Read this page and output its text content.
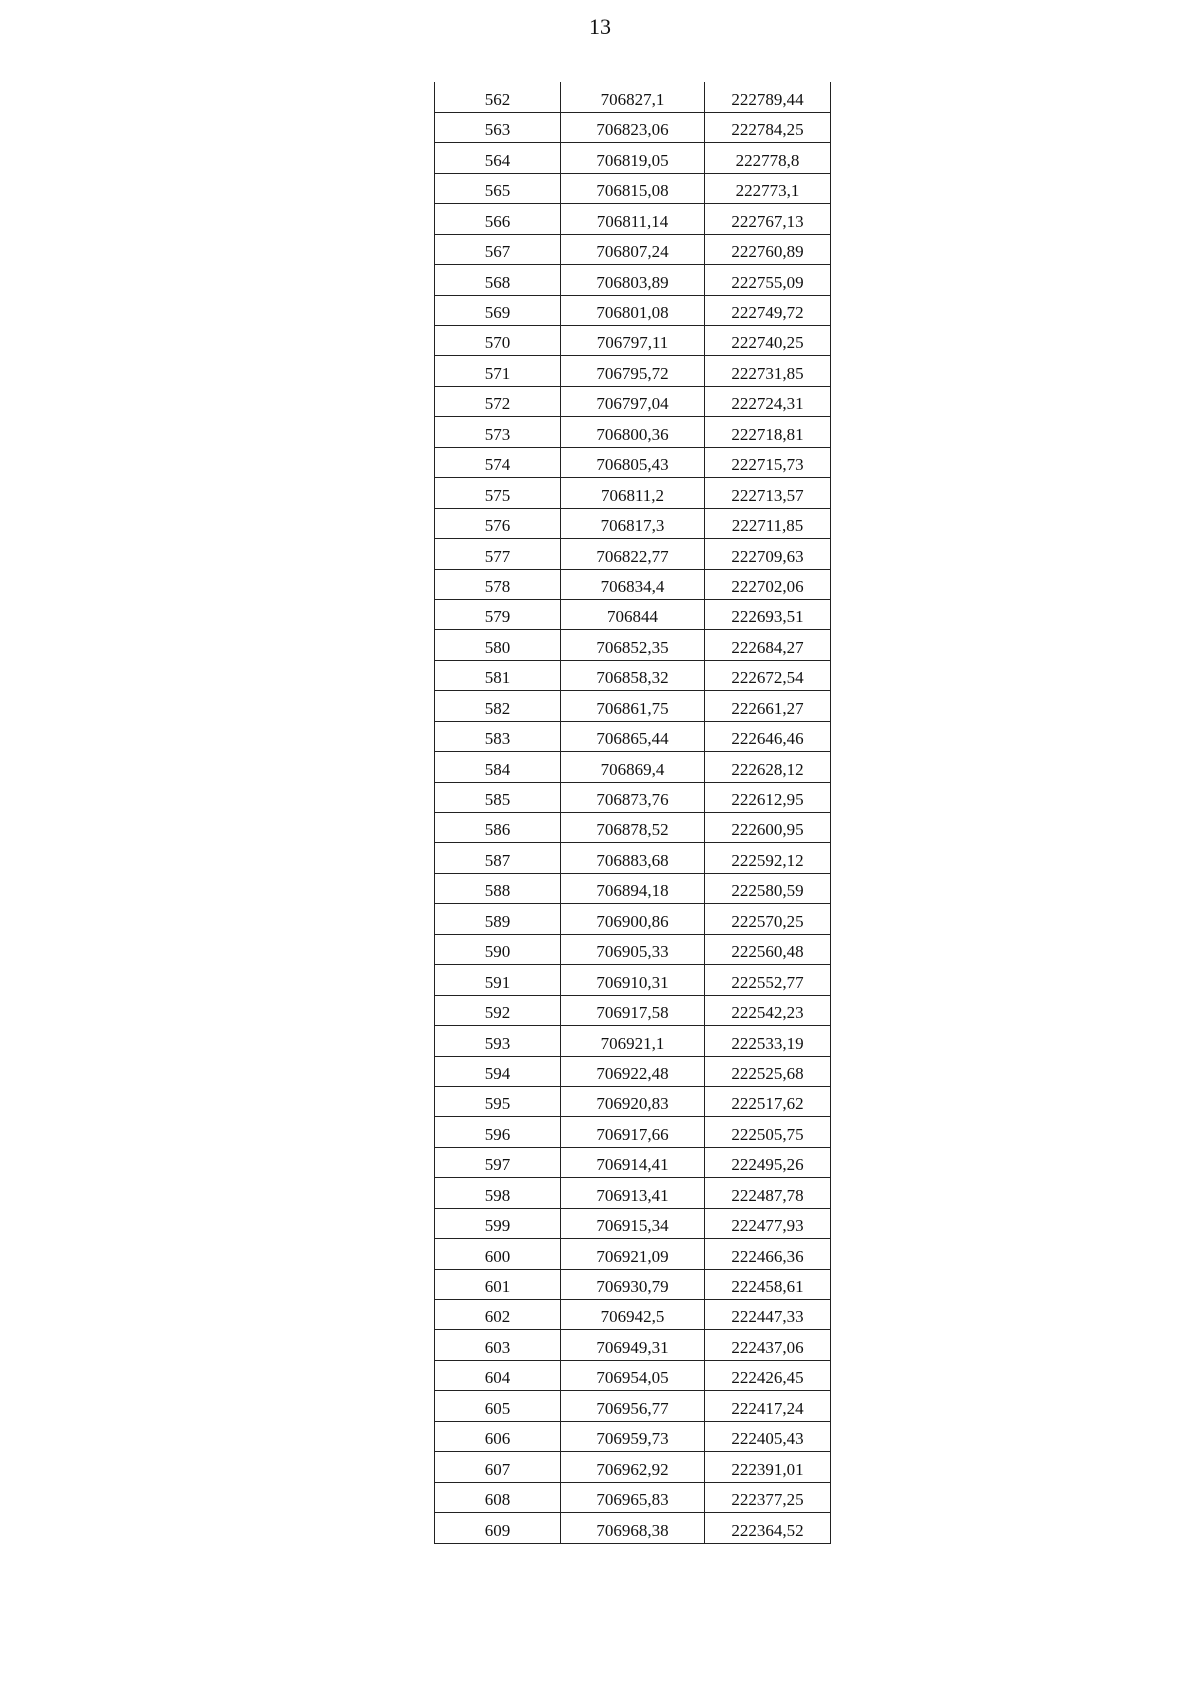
13
562	706827,1	222789,44
563	706823,06	222784,25
564	706819,05	222778,8
565	706815,08	222773,1
566	706811,14	222767,13
567	706807,24	222760,89
568	706803,89	222755,09
569	706801,08	222749,72
570	706797,11	222740,25
571	706795,72	222731,85
572	706797,04	222724,31
573	706800,36	222718,81
574	706805,43	222715,73
575	706811,2	222713,57
576	706817,3	222711,85
577	706822,77	222709,63
578	706834,4	222702,06
579	706844	222693,51
580	706852,35	222684,27
581	706858,32	222672,54
582	706861,75	222661,27
583	706865,44	222646,46
584	706869,4	222628,12
585	706873,76	222612,95
586	706878,52	222600,95
587	706883,68	222592,12
588	706894,18	222580,59
589	706900,86	222570,25
590	706905,33	222560,48
591	706910,31	222552,77
592	706917,58	222542,23
593	706921,1	222533,19
594	706922,48	222525,68
595	706920,83	222517,62
596	706917,66	222505,75
597	706914,41	222495,26
598	706913,41	222487,78
599	706915,34	222477,93
600	706921,09	222466,36
601	706930,79	222458,61
602	706942,5	222447,33
603	706949,31	222437,06
604	706954,05	222426,45
605	706956,77	222417,24
606	706959,73	222405,43
607	706962,92	222391,01
608	706965,83	222377,25
609	706968,38	222364,52
